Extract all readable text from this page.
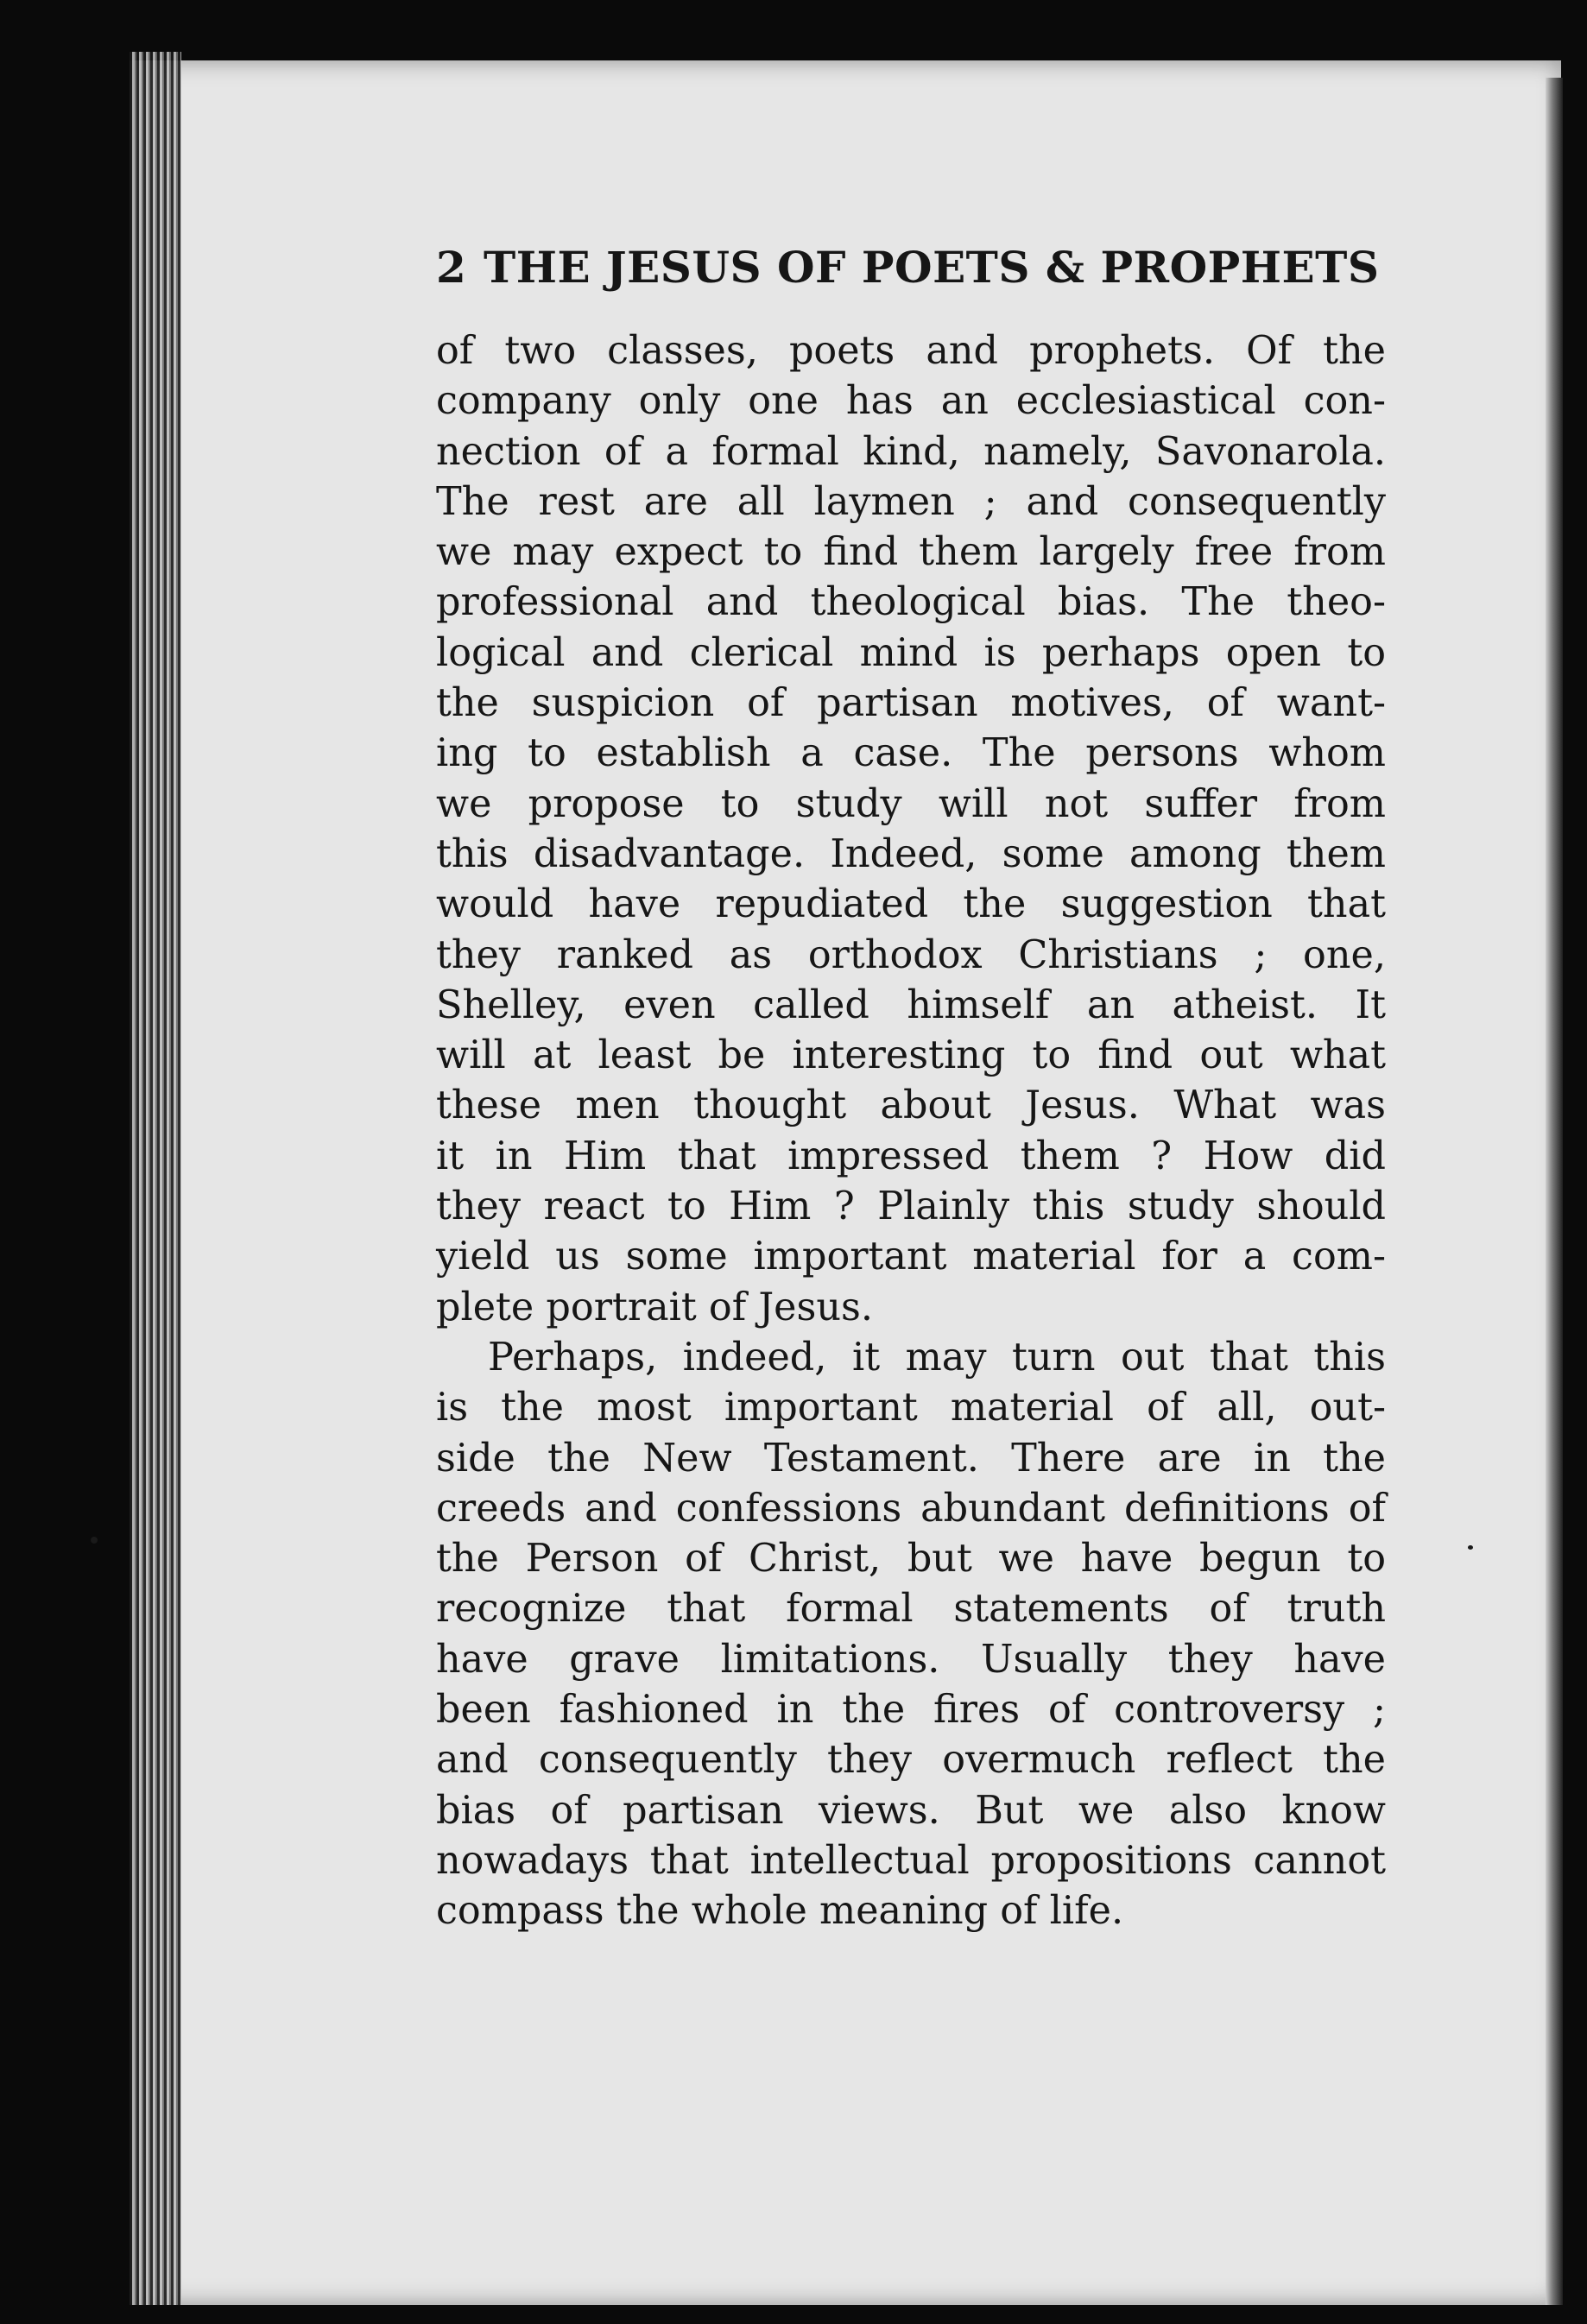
2 THE JESUS OF POETS & PROPHETS

of two classes, poets and prophets. Of the
company only one has an ecclesiastical con-
nection of a formal kind, namely, Savonarola.
The rest are all laymen ; and consequently
we may expect to find them largely free from
professional and theological bias. The theo-
logical and clerical mind is perhaps open to
the suspicion of partisan motives, of want-
ing to establish a case. The persons whom
we propose to study will not suffer from
this disadvantage. Indeed, some among them
would have repudiated the suggestion that
they ranked as orthodox Christians ; one,
Shelley, even called himself an atheist. It
will at least be interesting to find out what
these men thought about Jesus. What was
it in Him that impressed them ? How did
they react to Him ? Plainly this study should
yield us some important material for a com-
plete portrait of Jesus.

Perhaps, indeed, it may turn out that this
is the most important material of all, out-
side the New Testament. There are in the
creeds and confessions abundant definitions of
the Person of Christ, but we have begun to
recognize that formal statements of truth
have grave limitations. Usually they have
been fashioned in the fires of controversy ;
and consequently they overmuch reflect the
bias of partisan views. But we also know
nowadays that intellectual propositions cannot
compass the whole meaning of life.
